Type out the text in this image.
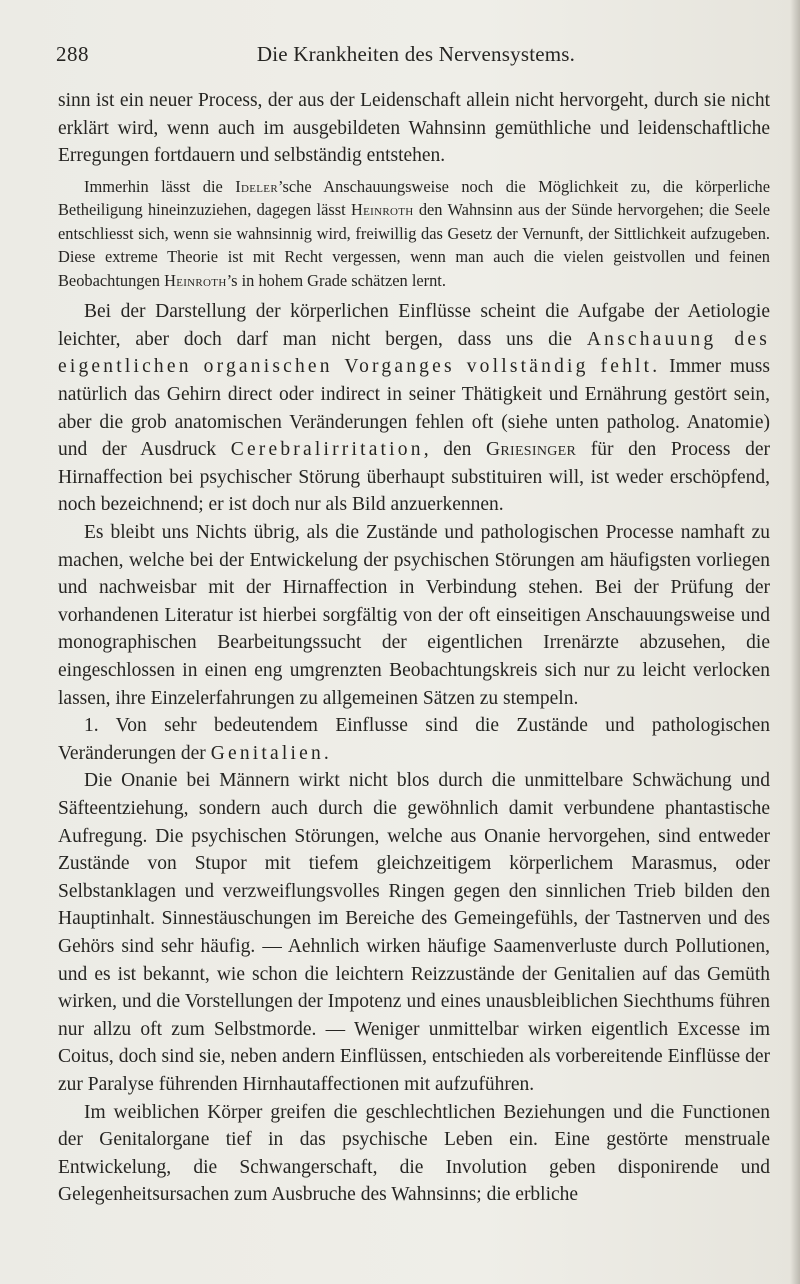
288	Die Krankheiten des Nervensystems.

sinn ist ein neuer Process, der aus der Leidenschaft allein nicht hervorgeht, durch sie nicht erklärt wird, wenn auch im ausgebildeten Wahnsinn gemüthliche und leidenschaftliche Erregungen fortdauern und selbständig entstehen.

Immerhin lässt die Ideler’sche Anschauungsweise noch die Möglichkeit zu, die körperliche Betheiligung hineinzuziehen, dagegen lässt Heinroth den Wahnsinn aus der Sünde hervorgehen; die Seele entschliesst sich, wenn sie wahnsinnig wird, freiwillig das Gesetz der Vernunft, der Sittlichkeit aufzugeben. Diese extreme Theorie ist mit Recht vergessen, wenn man auch die vielen geistvollen und feinen Beobachtungen Heinroth’s in hohem Grade schätzen lernt.

Bei der Darstellung der körperlichen Einflüsse scheint die Aufgabe der Aetiologie leichter, aber doch darf man nicht bergen, dass uns die Anschauung des eigentlichen organischen Vorganges vollständig fehlt. Immer muss natürlich das Gehirn direct oder indirect in seiner Thätigkeit und Ernährung gestört sein, aber die grob anatomischen Veränderungen fehlen oft (siehe unten patholog. Anatomie) und der Ausdruck Cerebralirritation, den Griesinger für den Process der Hirnaffection bei psychischer Störung überhaupt substituiren will, ist weder erschöpfend, noch bezeichnend; er ist doch nur als Bild anzuerkennen.

Es bleibt uns Nichts übrig, als die Zustände und pathologischen Processe namhaft zu machen, welche bei der Entwickelung der psychischen Störungen am häufigsten vorliegen und nachweisbar mit der Hirnaffection in Verbindung stehen. Bei der Prüfung der vorhandenen Literatur ist hierbei sorgfältig von der oft einseitigen Anschauungsweise und monographischen Bearbeitungssucht der eigentlichen Irrenärzte abzusehen, die eingeschlossen in einen eng umgrenzten Beobachtungskreis sich nur zu leicht verlocken lassen, ihre Einzelerfahrungen zu allgemeinen Sätzen zu stempeln.

1. Von sehr bedeutendem Einflusse sind die Zustände und pathologischen Veränderungen der Genitalien.

Die Onanie bei Männern wirkt nicht blos durch die unmittelbare Schwächung und Säfteentziehung, sondern auch durch die gewöhnlich damit verbundene phantastische Aufregung. Die psychischen Störungen, welche aus Onanie hervorgehen, sind entweder Zustände von Stupor mit tiefem gleichzeitigem körperlichem Marasmus, oder Selbstanklagen und verzweiflungsvolles Ringen gegen den sinnlichen Trieb bilden den Hauptinhalt. Sinnestäuschungen im Bereiche des Gemeingefühls, der Tastnerven und des Gehörs sind sehr häufig. — Aehnlich wirken häufige Saamenverluste durch Pollutionen, und es ist bekannt, wie schon die leichtern Reizzustände der Genitalien auf das Gemüth wirken, und die Vorstellungen der Impotenz und eines unausbleiblichen Siechthums führen nur allzu oft zum Selbstmorde. — Weniger unmittelbar wirken eigentlich Excesse im Coitus, doch sind sie, neben andern Einflüssen, entschieden als vorbereitende Einflüsse der zur Paralyse führenden Hirnhautaffectionen mit aufzuführen.

Im weiblichen Körper greifen die geschlechtlichen Beziehungen und die Functionen der Genitalorgane tief in das psychische Leben ein. Eine gestörte menstruale Entwickelung, die Schwangerschaft, die Involution geben disponirende und Gelegenheitsursachen zum Ausbruche des Wahnsinns; die erbliche
